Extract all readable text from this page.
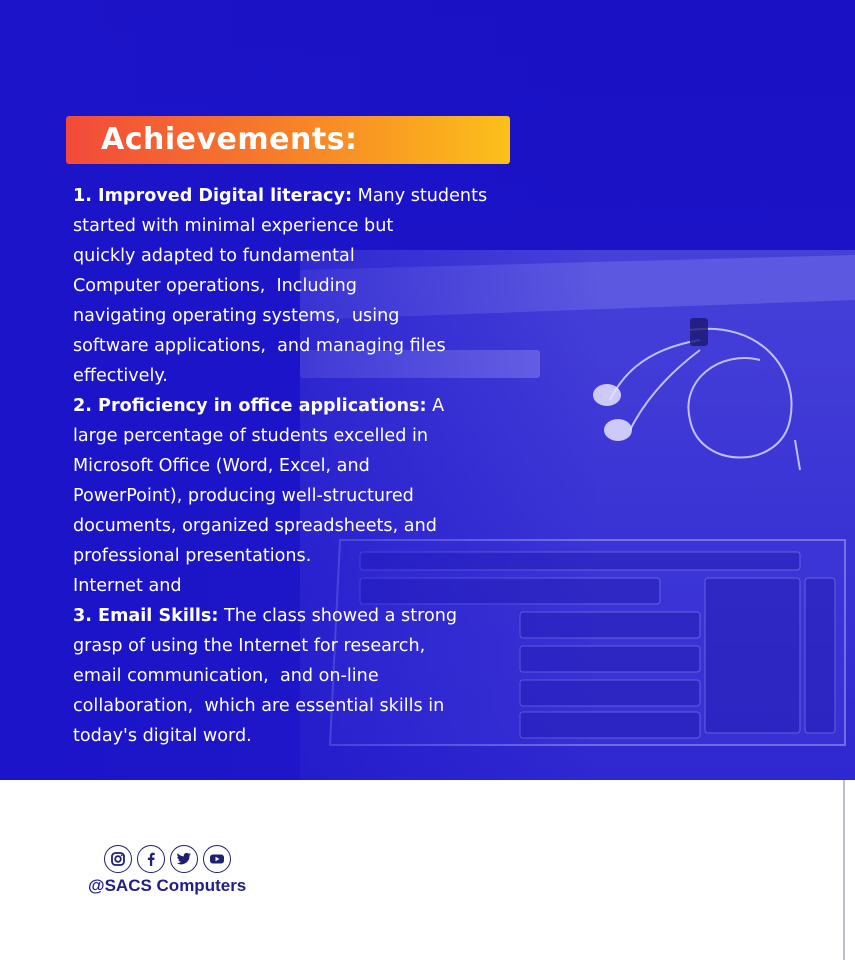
Achievements:
1. Improved Digital literacy: Many students
started with minimal experience but
quickly adapted to fundamental
Computer operations,  Including
navigating operating systems,  using
software applications,  and managing files
effectively.
2. Proficiency in office applications: A
large percentage of students excelled in
Microsoft Office (Word, Excel, and
PowerPoint), producing well-structured
documents, organized spreadsheets, and
professional presentations.
Internet and
3. Email Skills: The class showed a strong
grasp of using the Internet for research,
email communication,  and on-line
collaboration,  which are essential skills in
today's digital word.
@SACS Computers
